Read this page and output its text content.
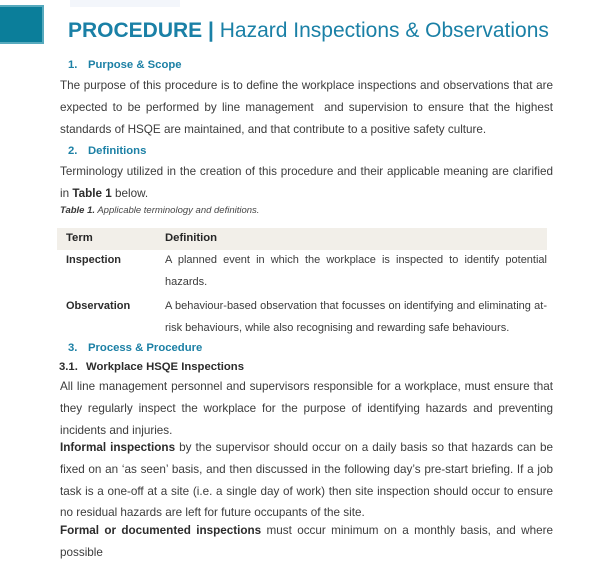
PROCEDURE | Hazard Inspections & Observations
1. Purpose & Scope
The purpose of this procedure is to define the workplace inspections and observations that are expected to be performed by line management  and supervision to ensure that the highest standards of HSQE are maintained, and that contribute to a positive safety culture.
2. Definitions
Terminology utilized in the creation of this procedure and their applicable meaning are clarified in Table 1 below.
Table 1. Applicable terminology and definitions.
Term	Definition
Inspection	A planned event in which the workplace is inspected to identify potential hazards.
Observation	A behaviour-based observation that focusses on identifying and eliminating at-risk behaviours, while also recognising and rewarding safe behaviours.
3. Process & Procedure
3.1. Workplace HSQE Inspections
All line management personnel and supervisors responsible for a workplace, must ensure that they regularly inspect the workplace for the purpose of identifying hazards and preventing incidents and injuries.
Informal inspections by the supervisor should occur on a daily basis so that hazards can be fixed on an ‘as seen’ basis, and then discussed in the following day’s pre-start briefing. If a job task is a one-off at a site (i.e. a single day of work) then site inspection should occur to ensure no residual hazards are left for future occupants of the site.
Formal or documented inspections must occur minimum on a monthly basis, and where possible
